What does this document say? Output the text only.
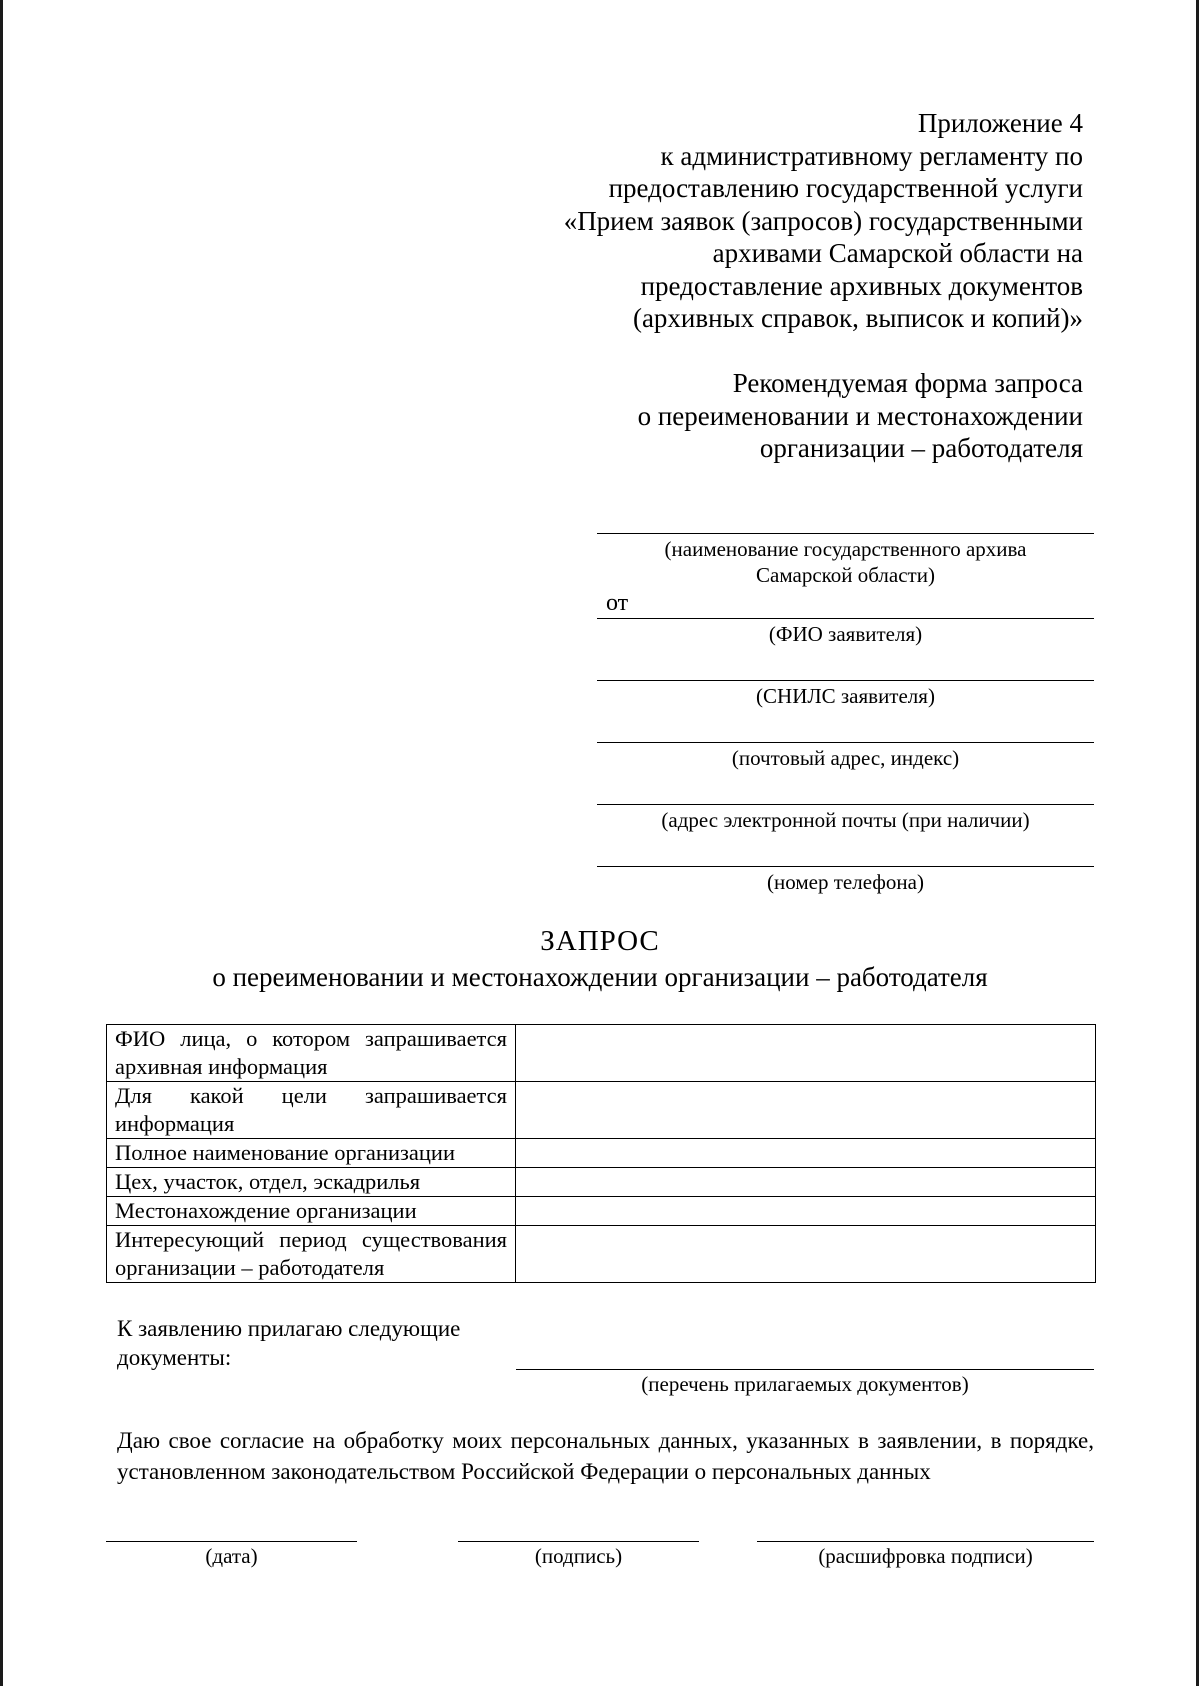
Приложение 4
к административному регламенту по
предоставлению государственной услуги
«Прием заявок (запросов) государственными
архивами Самарской области на
предоставление архивных документов
(архивных справок, выписок и копий)»
Рекомендуемая форма запроса
о переименовании и местонахождении
организации – работодателя
(наименование государственного архива
Самарской области)
от
(ФИО заявителя)
(СНИЛС заявителя)
(почтовый адрес, индекс)
(адрес электронной почты (при наличии)
(номер телефона)
ЗАПРОС
о переименовании и местонахождении организации – работодателя
ФИО лица, о котором запрашивается архивная информация	
Для какой цели запрашивается информация	
Полное наименование организации	
Цех, участок, отдел, эскадрилья	
Местонахождение организации	
Интересующий период существования организации – работодателя	
К заявлению прилагаю следующие документы:
(перечень прилагаемых документов)
Даю свое согласие на обработку моих персональных данных, указанных в заявлении, в порядке, установленном законодательством Российской Федерации о персональных данных
(дата)	(подпись)	(расшифровка подписи)
